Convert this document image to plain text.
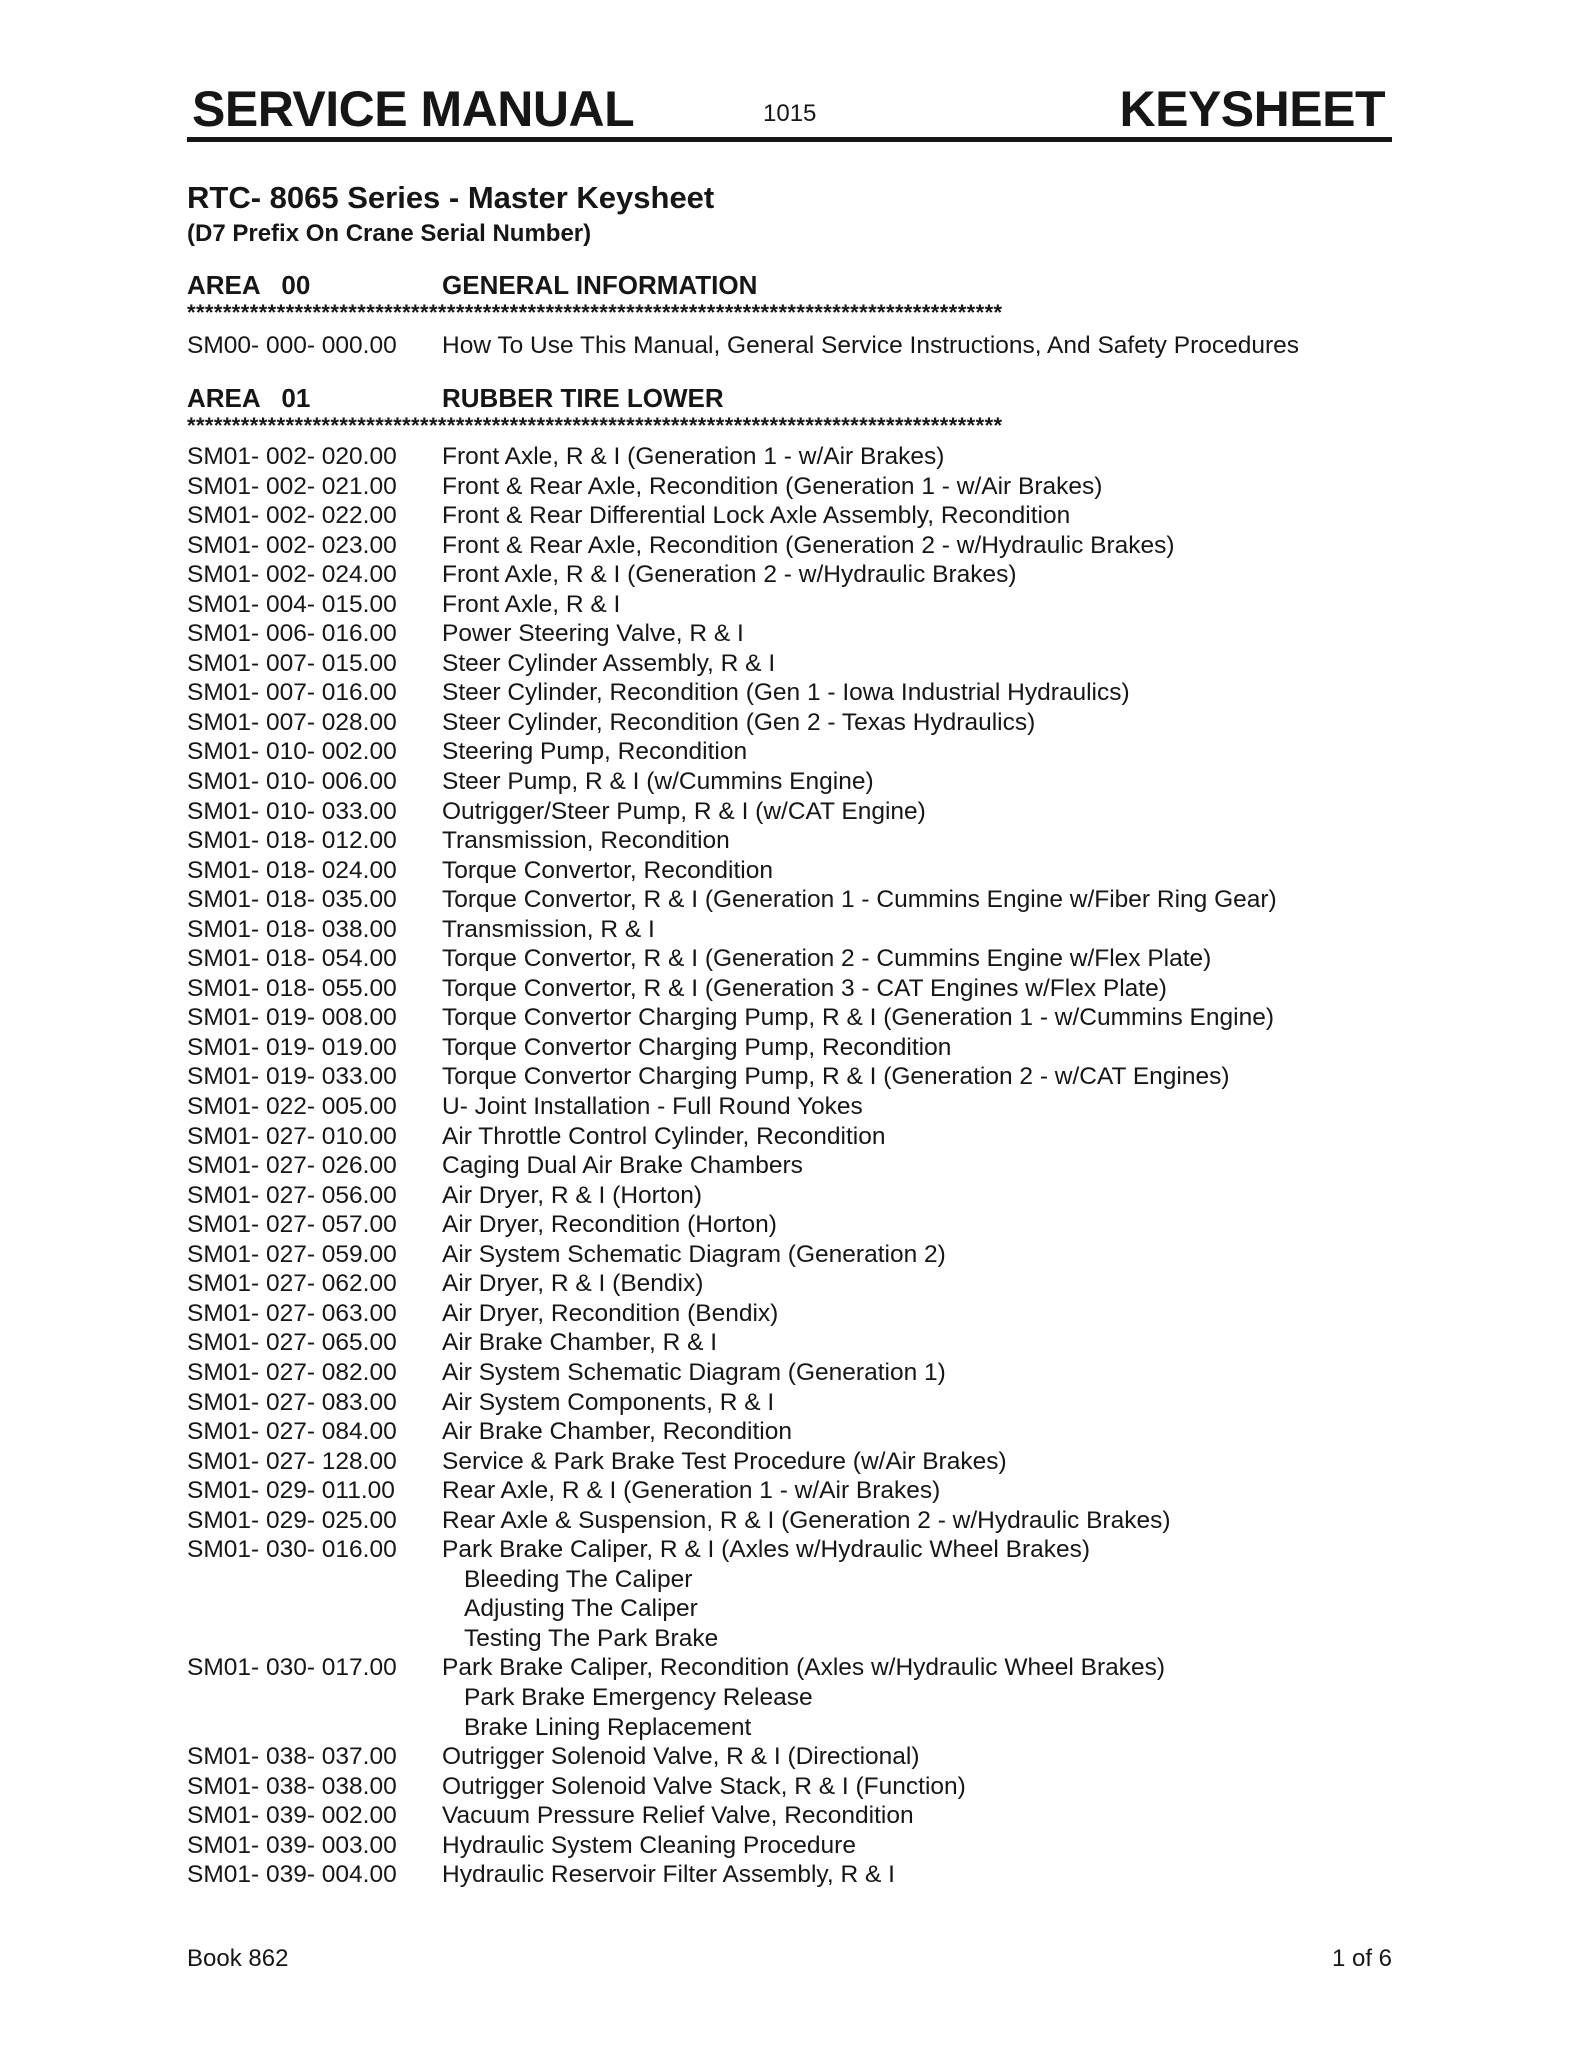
SERVICE MANUAL	1015	KEYSHEET
RTC- 8065 Series - Master Keysheet
(D7 Prefix On Crane Serial Number)
AREA   00	GENERAL INFORMATION
*******************************************************************************************
SM00- 000- 000.00 How To Use This Manual, General Service Instructions, And Safety Procedures
AREA   01	RUBBER TIRE LOWER
*******************************************************************************************
SM01- 002- 020.00 Front Axle, R & I (Generation 1 - w/Air Brakes)
SM01- 002- 021.00 Front & Rear Axle, Recondition (Generation 1 - w/Air Brakes)
SM01- 002- 022.00 Front & Rear Differential Lock Axle Assembly, Recondition
SM01- 002- 023.00 Front & Rear Axle, Recondition (Generation 2 - w/Hydraulic Brakes)
SM01- 002- 024.00 Front Axle, R & I (Generation 2 - w/Hydraulic Brakes)
SM01- 004- 015.00 Front Axle, R & I
SM01- 006- 016.00 Power Steering Valve, R & I
SM01- 007- 015.00 Steer Cylinder Assembly, R & I
SM01- 007- 016.00 Steer Cylinder, Recondition (Gen 1 - Iowa Industrial Hydraulics)
SM01- 007- 028.00 Steer Cylinder, Recondition (Gen 2 - Texas Hydraulics)
SM01- 010- 002.00 Steering Pump, Recondition
SM01- 010- 006.00 Steer Pump, R & I (w/Cummins Engine)
SM01- 010- 033.00 Outrigger/Steer Pump, R & I (w/CAT Engine)
SM01- 018- 012.00 Transmission, Recondition
SM01- 018- 024.00 Torque Convertor, Recondition
SM01- 018- 035.00 Torque Convertor, R & I (Generation 1 - Cummins Engine w/Fiber Ring Gear)
SM01- 018- 038.00 Transmission, R & I
SM01- 018- 054.00 Torque Convertor, R & I (Generation 2 - Cummins Engine w/Flex Plate)
SM01- 018- 055.00 Torque Convertor, R & I (Generation 3 - CAT Engines w/Flex Plate)
SM01- 019- 008.00 Torque Convertor Charging Pump, R & I (Generation 1 - w/Cummins Engine)
SM01- 019- 019.00 Torque Convertor Charging Pump, Recondition
SM01- 019- 033.00 Torque Convertor Charging Pump, R & I (Generation 2 - w/CAT Engines)
SM01- 022- 005.00 U- Joint Installation - Full Round Yokes
SM01- 027- 010.00 Air Throttle Control Cylinder, Recondition
SM01- 027- 026.00 Caging Dual Air Brake Chambers
SM01- 027- 056.00 Air Dryer, R & I (Horton)
SM01- 027- 057.00 Air Dryer, Recondition (Horton)
SM01- 027- 059.00 Air System Schematic Diagram (Generation 2)
SM01- 027- 062.00 Air Dryer, R & I (Bendix)
SM01- 027- 063.00 Air Dryer, Recondition (Bendix)
SM01- 027- 065.00 Air Brake Chamber, R & I
SM01- 027- 082.00 Air System Schematic Diagram (Generation 1)
SM01- 027- 083.00 Air System Components, R & I
SM01- 027- 084.00 Air Brake Chamber, Recondition
SM01- 027- 128.00 Service & Park Brake Test Procedure (w/Air Brakes)
SM01- 029- 011.00 Rear Axle, R & I (Generation 1 - w/Air Brakes)
SM01- 029- 025.00 Rear Axle & Suspension, R & I (Generation 2 - w/Hydraulic Brakes)
SM01- 030- 016.00 Park Brake Caliper, R & I (Axles w/Hydraulic Wheel Brakes)
Bleeding The Caliper
Adjusting The Caliper
Testing The Park Brake
SM01- 030- 017.00 Park Brake Caliper, Recondition (Axles w/Hydraulic Wheel Brakes)
Park Brake Emergency Release
Brake Lining Replacement
SM01- 038- 037.00 Outrigger Solenoid Valve, R & I (Directional)
SM01- 038- 038.00 Outrigger Solenoid Valve Stack, R & I (Function)
SM01- 039- 002.00 Vacuum Pressure Relief Valve, Recondition
SM01- 039- 003.00 Hydraulic System Cleaning Procedure
SM01- 039- 004.00 Hydraulic Reservoir Filter Assembly, R & I
Book 862	1 of 6
